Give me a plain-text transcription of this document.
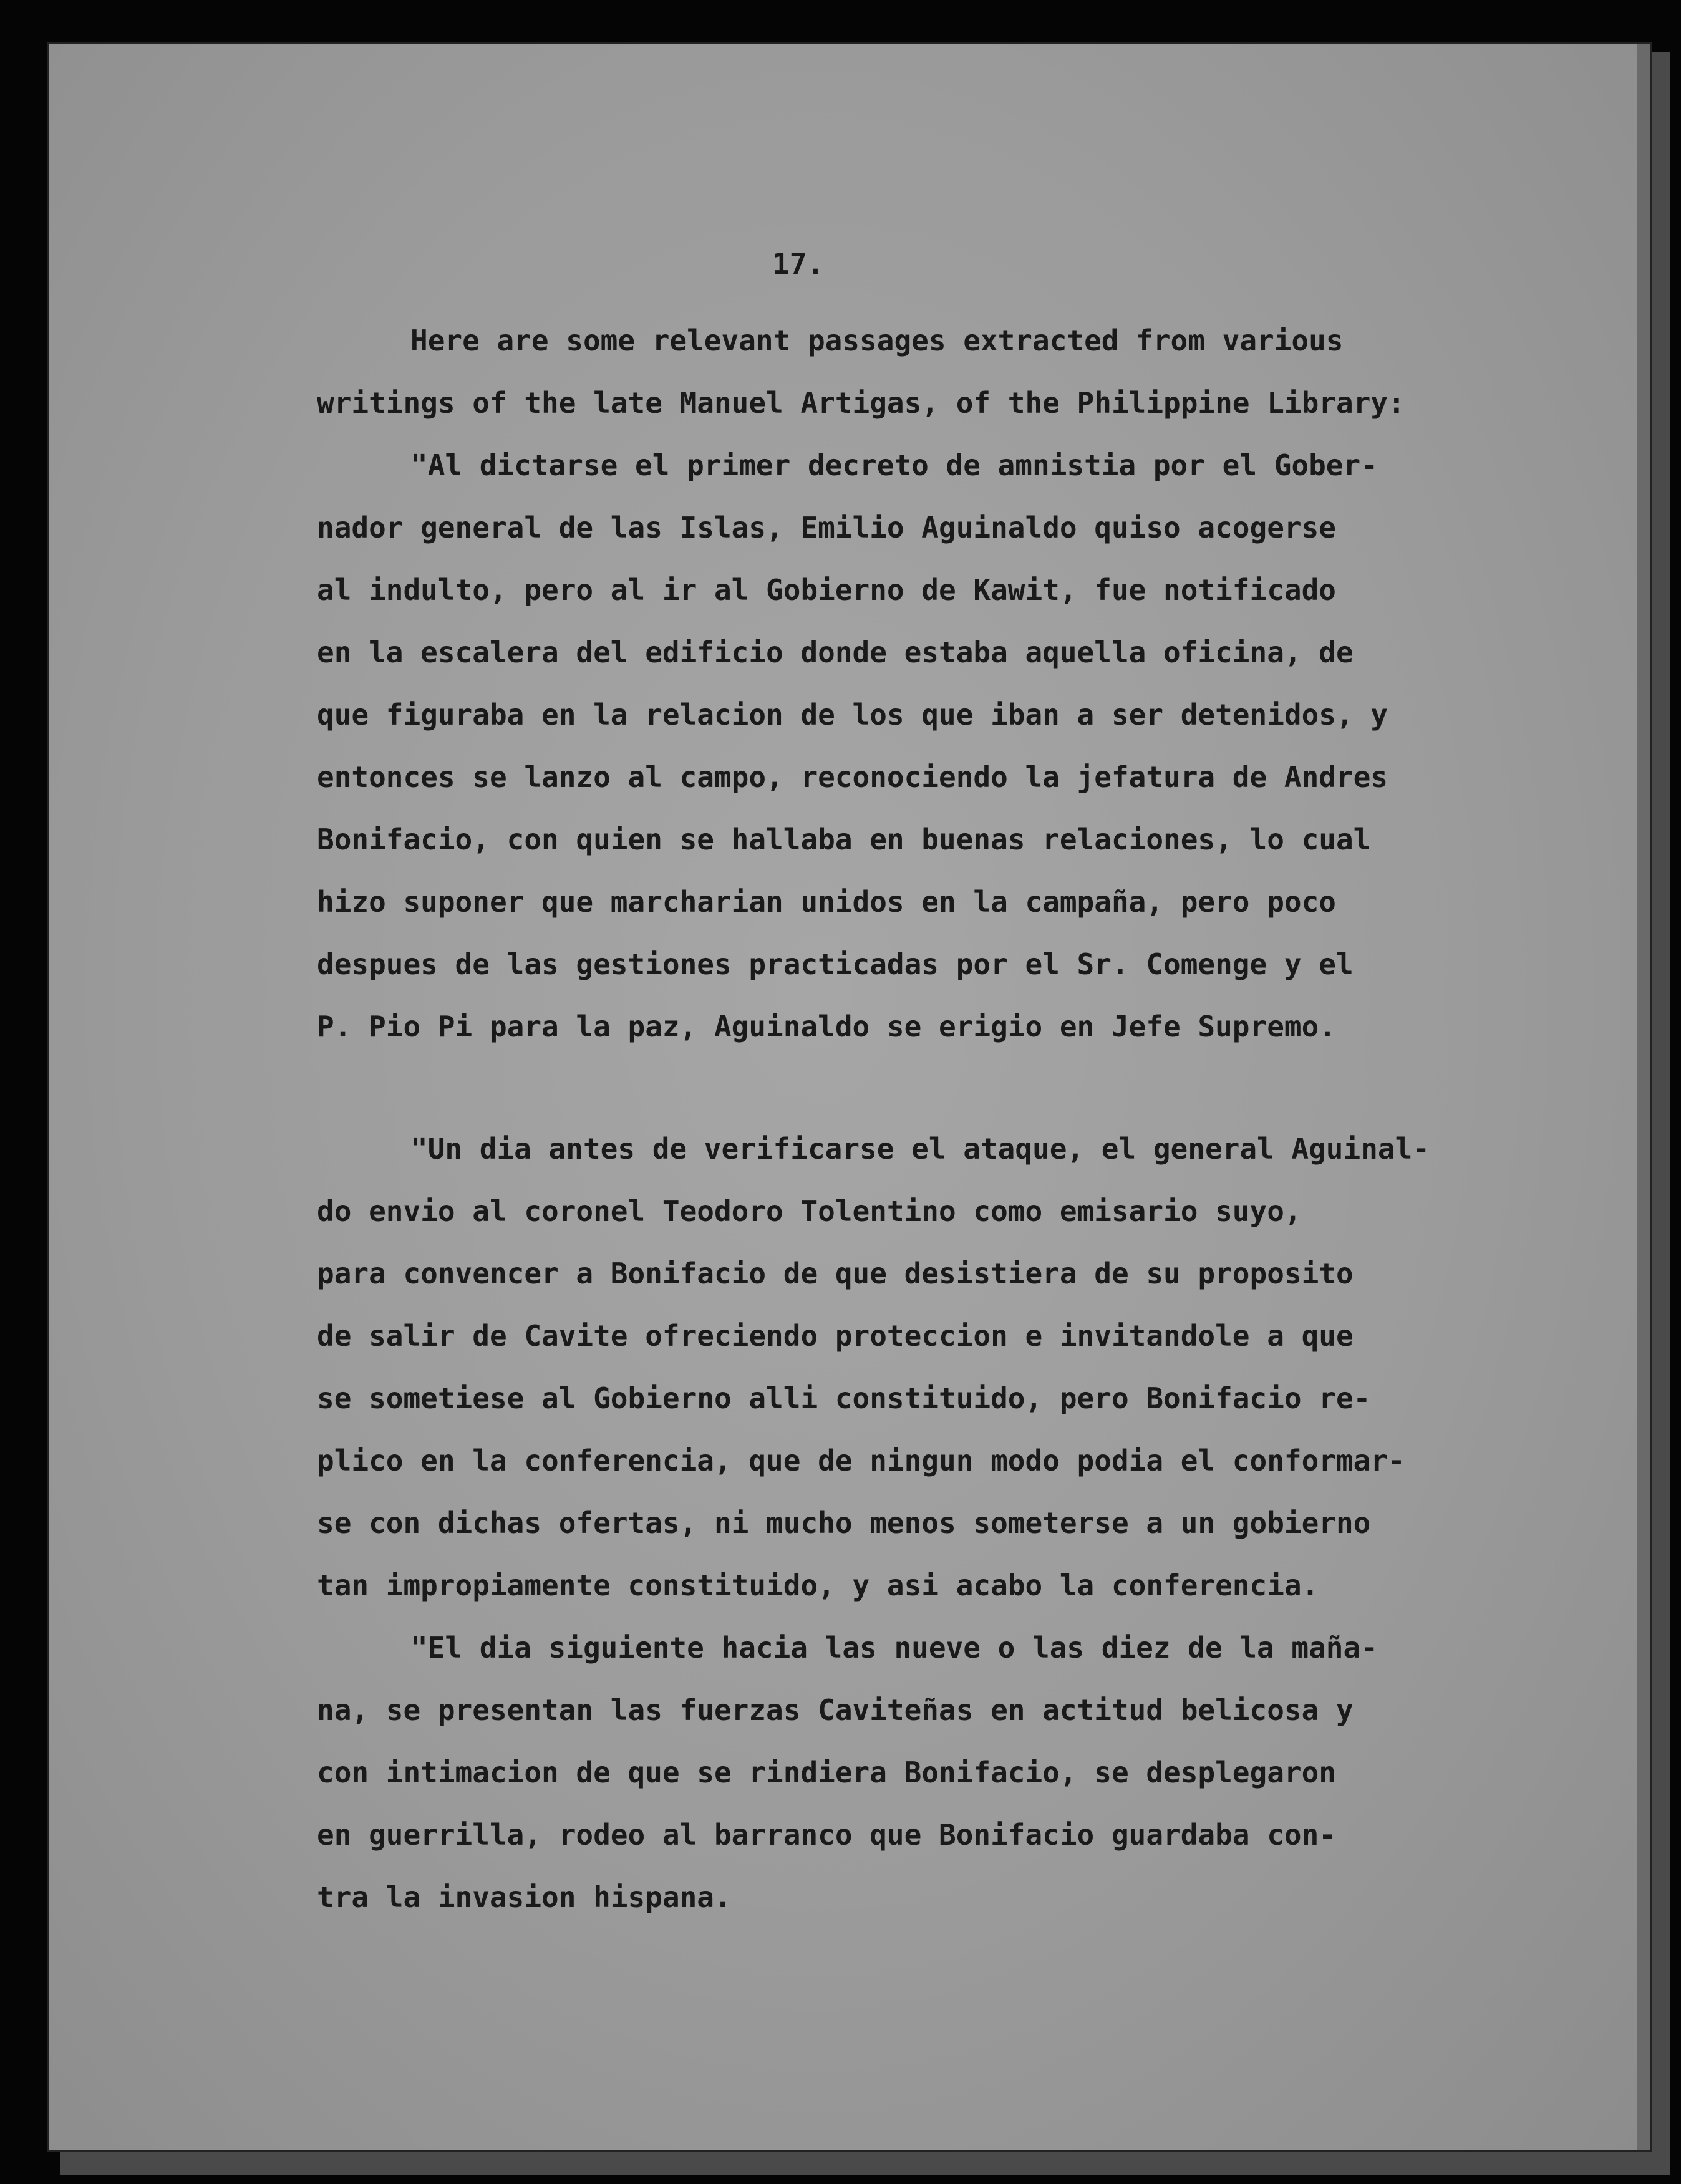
17.
Here are some relevant passages extracted from various
writings of the late Manuel Artigas, of the Philippine Library:
"Al dictarse el primer decreto de amnistia por el Gober-
nador general de las Islas, Emilio Aguinaldo quiso acogerse
al indulto, pero al ir al Gobierno de Kawit, fue notificado
en la escalera del edificio donde estaba aquella oficina, de
que figuraba en la relacion de los que iban a ser detenidos, y
entonces se lanzo al campo, reconociendo la jefatura de Andres
Bonifacio, con quien se hallaba en buenas relaciones, lo cual
hizo suponer que marcharian unidos en la campaña, pero poco
despues de las gestiones practicadas por el Sr. Comenge y el
P. Pio Pi para la paz, Aguinaldo se erigio en Jefe Supremo.
"Un dia antes de verificarse el ataque, el general Aguinal-
do envio al coronel Teodoro Tolentino como emisario suyo,
para convencer a Bonifacio de que desistiera de su proposito
de salir de Cavite ofreciendo proteccion e invitandole a que
se sometiese al Gobierno alli constituido, pero Bonifacio re-
plico en la conferencia, que de ningun modo podia el conformar-
se con dichas ofertas, ni mucho menos someterse a un gobierno
tan impropiamente constituido, y asi acabo la conferencia.
"El dia siguiente hacia las nueve o las diez de la maña-
na, se presentan las fuerzas Caviteñas en actitud belicosa y
con intimacion de que se rindiera Bonifacio, se desplegaron
en guerrilla, rodeo al barranco que Bonifacio guardaba con-
tra la invasion hispana.
